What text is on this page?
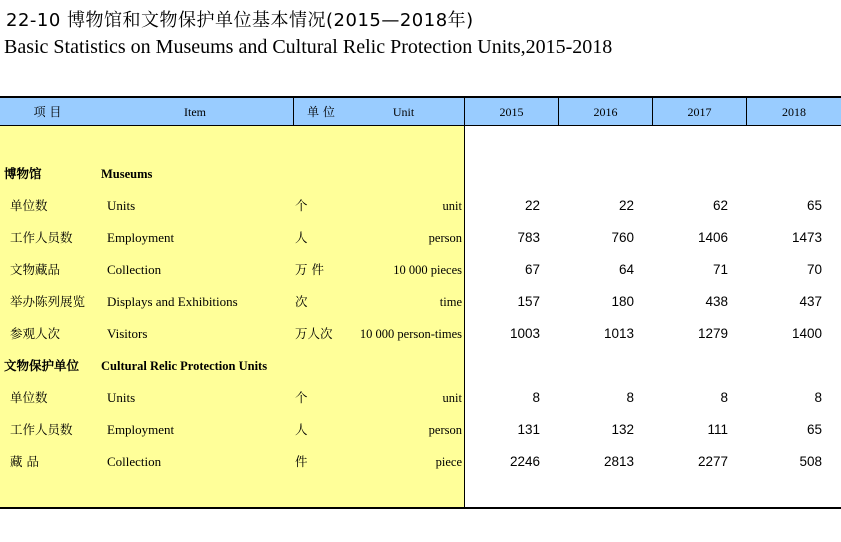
22-10 博物馆和文物保护单位基本情况(2015—2018年)
Basic Statistics on Museums and Cultural Relic Protection Units,2015-2018
项 目	Item	单 位	Unit	2015	2016	2017	2018
博物馆	Museums
单位数	Units	个	unit	22	22	62	65
工作人员数	Employment	人	person	783	760	1406	1473
文物藏品	Collection	万 件	10 000 pieces	67	64	71	70
举办陈列展览 Displays and Exhibitions	次	time	157	180	438	437
参观人次	Visitors	万人次 10 000 person-times	1003	1013	1279	1400
文物保护单位 Cultural Relic Protection Units
单位数	Units	个	unit	8	8	8	8
工作人员数	Employment	人	person	131	132	111	65
藏 品	Collection	件	piece	2246	2813	2277	508
